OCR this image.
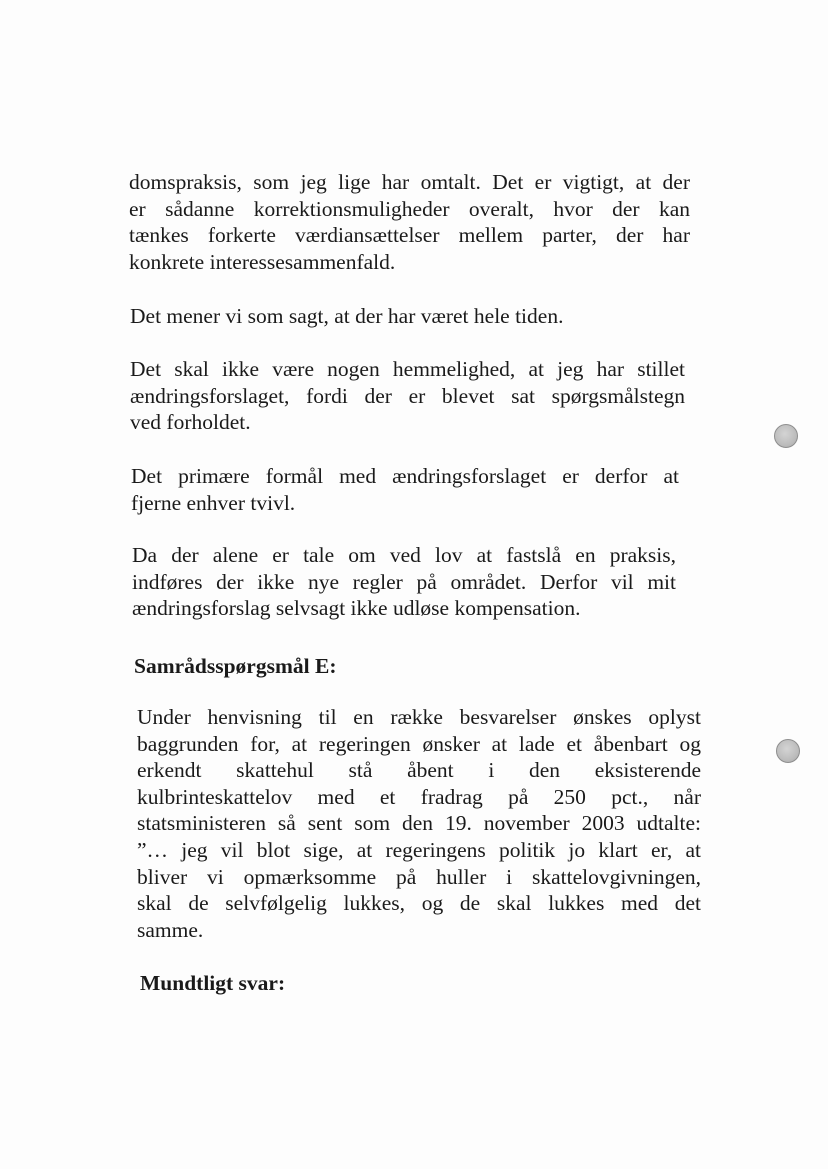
domspraksis, som jeg lige har omtalt. Det er vigtigt, at der
er sådanne korrektionsmuligheder overalt, hvor der kan
tænkes forkerte værdiansættelser mellem parter, der har
konkrete interessesammenfald.
Det mener vi som sagt, at der har været hele tiden.
Det skal ikke være nogen hemmelighed, at jeg har stillet
ændringsforslaget, fordi der er blevet sat spørgsmålstegn
ved forholdet.
Det primære formål med ændringsforslaget er derfor at
fjerne enhver tvivl.
Da der alene er tale om ved lov at fastslå en praksis,
indføres der ikke nye regler på området. Derfor vil mit
ændringsforslag selvsagt ikke udløse kompensation.
Samrådsspørgsmål E:
Under henvisning til en række besvarelser ønskes oplyst
baggrunden for, at regeringen ønsker at lade et åbenbart og
erkendt skattehul stå åbent i den eksisterende
kulbrinteskattelov med et fradrag på 250 pct., når
statsministeren så sent som den 19. november 2003 udtalte:
”… jeg vil blot sige, at regeringens politik jo klart er, at
bliver vi opmærksomme på huller i skattelovgivningen,
skal de selvfølgelig lukkes, og de skal lukkes med det
samme.
Mundtligt svar:
